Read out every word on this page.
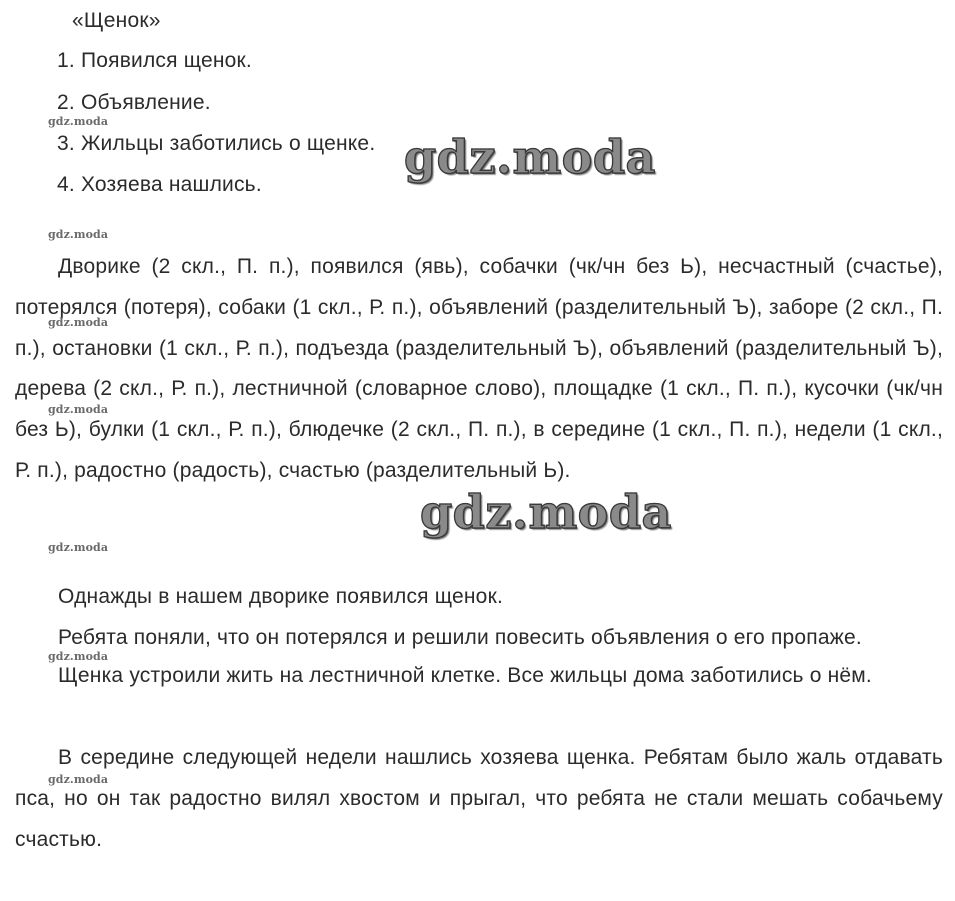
«Щенок»
1. Появился щенок.
2. Объявление.
3. Жильцы заботились о щенке.
4. Хозяева нашлись.

Дворике (2 скл., П. п.), появился (явь), собачки (чк/чн без Ь), несчастный (счастье), потерялся (потеря), собаки (1 скл., Р. п.), объявлений (разделительный Ъ), заборе (2 скл., П. п.), остановки (1 скл., Р. п.), подъезда (разделительный Ъ), объявлений (разделительный Ъ), дерева (2 скл., Р. п.), лестничной (словарное слово), площадке (1 скл., П. п.), кусочки (чк/чн без Ь), булки (1 скл., Р. п.), блюдечке (2 скл., П. п.), в середине (1 скл., П. п.), недели (1 скл., Р. п.), радостно (радость), счастью (разделительный Ь).

Однажды в нашем дворике появился щенок.
Ребята поняли, что он потерялся и решили повесить объявления о его пропаже.

Щенка устроили жить на лестничной клетке. Все жильцы дома заботились о нём.

В середине следующей недели нашлись хозяева щенка. Ребятам было жаль отдавать пса, но он так радостно вилял хвостом и прыгал, что ребята не стали мешать собачьему счастью.

gdz.moda
gdz.moda
gdz.moda
gdz.moda
gdz.moda
gdz.moda
gdz.moda
gdz.moda
gdz.moda
